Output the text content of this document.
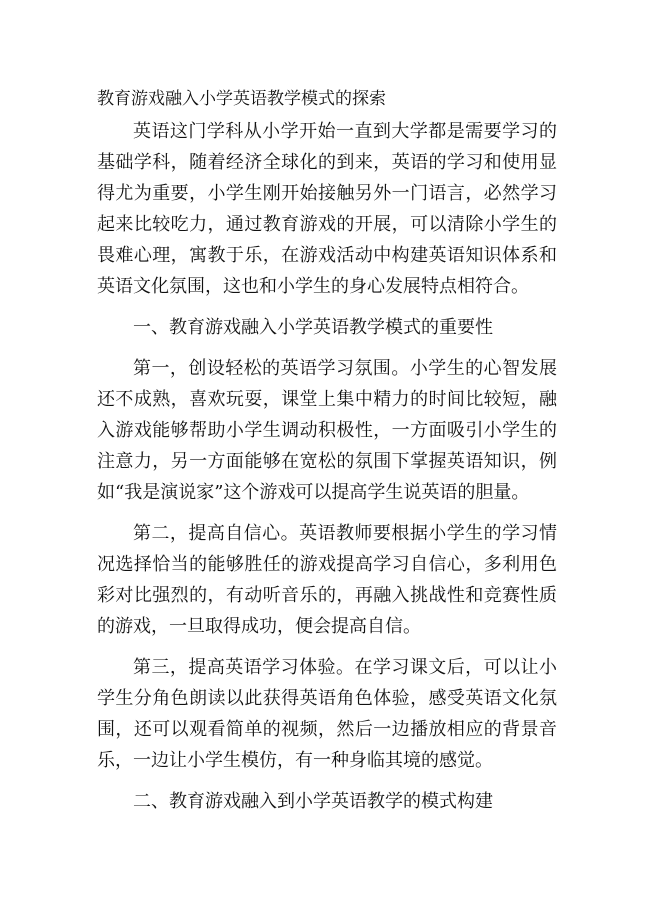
教育游戏融入小学英语教学模式的探索

英语这门学科从小学开始一直到大学都是需要学习的基础学科，随着经济全球化的到来，英语的学习和使用显得尤为重要，小学生刚开始接触另外一门语言，必然学习起来比较吃力，通过教育游戏的开展，可以清除小学生的畏难心理，寓教于乐，在游戏活动中构建英语知识体系和英语文化氛围，这也和小学生的身心发展特点相符合。

一、教育游戏融入小学英语教学模式的重要性

第一，创设轻松的英语学习氛围。小学生的心智发展还不成熟，喜欢玩耍，课堂上集中精力的时间比较短，融入游戏能够帮助小学生调动积极性，一方面吸引小学生的注意力，另一方面能够在宽松的氛围下掌握英语知识，例如“我是演说家”这个游戏可以提高学生说英语的胆量。

第二，提高自信心。英语教师要根据小学生的学习情况选择恰当的能够胜任的游戏提高学习自信心，多利用色彩对比强烈的，有动听音乐的，再融入挑战性和竞赛性质的游戏，一旦取得成功，便会提高自信。

第三，提高英语学习体验。在学习课文后，可以让小学生分角色朗读以此获得英语角色体验，感受英语文化氛围，还可以观看简单的视频，然后一边播放相应的背景音乐，一边让小学生模仿，有一种身临其境的感觉。

二、教育游戏融入到小学英语教学的模式构建
